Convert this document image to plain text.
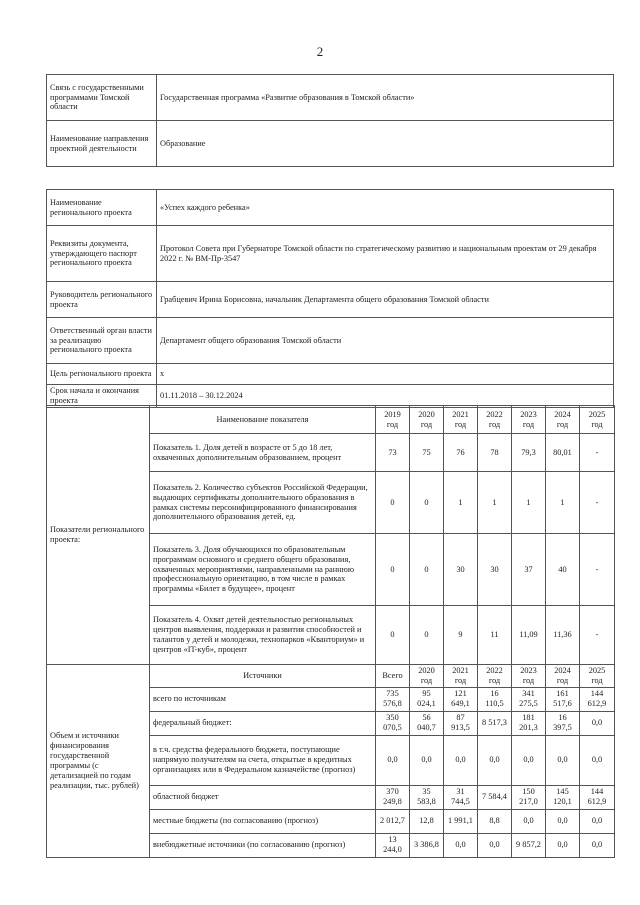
2
Связь с государственными программами Томской области	Государственная программа «Развитие образования в Томской области»
Наименование направления проектной деятельности	Образование
Наименование регионального проекта	«Успех каждого ребенка»
Реквизиты документа, утверждающего паспорт регионального проекта	Протокол Совета при Губернаторе Томской области по стратегическому развитию и национальным проектам от 29 декабря 2022 г. № ВМ-Пр-3547
Руководитель регионального проекта	Грабцевич Ирина Борисовна, начальник Департамента общего образования Томской области
Ответственный орган власти за реализацию регионального проекта	Департамент общего образования Томской области
Цель регионального проекта	х
Срок начала и окончания проекта	01.11.2018 – 30.12.2024
Показатели регионального проекта:	Наименование показателя	2019 год	2020 год	2021 год	2022 год	2023 год	2024 год	2025 год
	Показатель 1. Доля детей в возрасте от 5 до 18 лет, охваченных дополнительным образованием, процент	73	75	76	78	79,3	80,01	-
	Показатель 2. Количество субъектов Российской Федерации, выдающих сертификаты дополнительного образования в рамках системы персонифицированного финансирования дополнительного образования детей, ед.	0	0	1	1	1	1	-
	Показатель 3. Доля обучающихся по образовательным программам основного и среднего общего образования, охваченных мероприятиями, направленными на раннюю профессиональную ориентацию, в том числе в рамках программы «Билет в будущее», процент	0	0	30	30	37	40	-
	Показатель 4. Охват детей деятельностью региональных центров выявления, поддержки и развития способностей и талантов у детей и молодежи, технопарков «Кванториум» и центров «IT-куб», процент	0	0	9	11	11,09	11,36	-
Объем и источники финансирования государственной программы (с детализацией по годам реализации, тыс. рублей)	Источники	Всего	2020 год	2021 год	2022 год	2023 год	2024 год	2025 год
	всего по источникам	735 576,8	95 024,1	121 649,1	16 110,5	341 275,5	161 517,6	144 612,9
	федеральный бюджет:	350 070,5	56 040,7	87 913,5	8 517,3	181 201,3	16 397,5	0,0
	в т.ч. средства федерального бюджета, поступающие напрямую получателям на счета, открытые в кредитных организациях или в Федеральном казначействе (прогноз)	0,0	0,0	0,0	0,0	0,0	0,0	0,0
	областной бюджет	370 249,8	35 583,8	31 744,5	7 584,4	150 217,0	145 120,1	144 612,9
	местные бюджеты (по согласованию (прогноз)	2 012,7	12,8	1 991,1	8,8	0,0	0,0	0,0
	внебюджетные источники (по согласованию (прогноз)	13 244,0	3 386,8	0,0	0,0	9 857,2	0,0	0,0
